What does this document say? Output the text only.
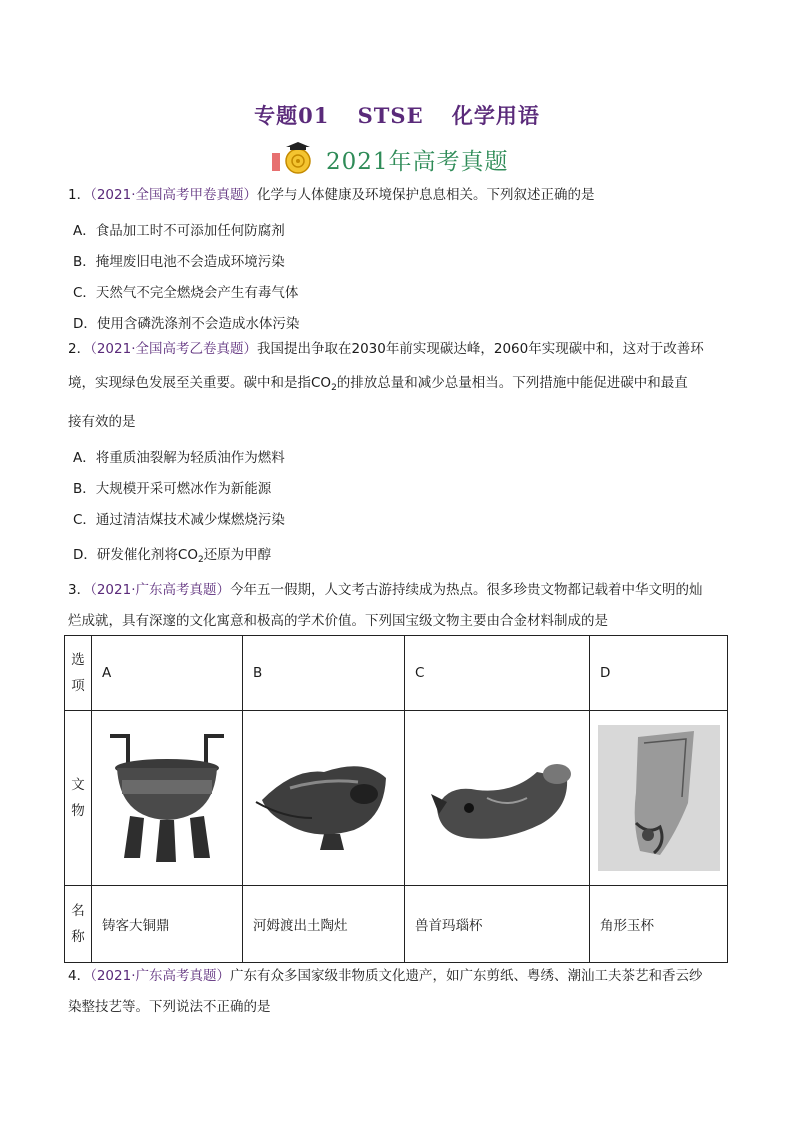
专题01 STSE 化学用语
2021年高考真题
1．（2021·全国高考甲卷真题）化学与人体健康及环境保护息息相关。下列叙述正确的是
A．食品加工时不可添加任何防腐剂
B．掩埋废旧电池不会造成环境污染
C．天然气不完全燃烧会产生有毒气体
D．使用含磷洗涤剂不会造成水体污染
2．（2021·全国高考乙卷真题）我国提出争取在2030年前实现碳达峰，2060年实现碳中和，这对于改善环
境，实现绿色发展至关重要。碳中和是指$CO_2$的排放总量和减少总量相当。下列措施中能促进碳中和最直
接有效的是
A．将重质油裂解为轻质油作为燃料
B．大规模开采可燃冰作为新能源
C．通过清洁煤技术减少煤燃烧污染
D．研发催化剂将$CO_2$还原为甲醇
3．（2021·广东高考真题）今年五一假期，人文考古游持续成为热点。很多珍贵文物都记载着中华文明的灿
烂成就，具有深邃的文化寓意和极高的学术价值。下列国宝级文物主要由合金材料制成的是
选项	A	B	C	D
文物	

名称	铸客大铜鼎	河姆渡出土陶灶	兽首玛瑙杯	角形玉杯
4．（2021·广东高考真题）广东有众多国家级非物质文化遗产，如广东剪纸、粤绣、潮汕工夫茶艺和香云纱
染整技艺等。下列说法不正确的是
